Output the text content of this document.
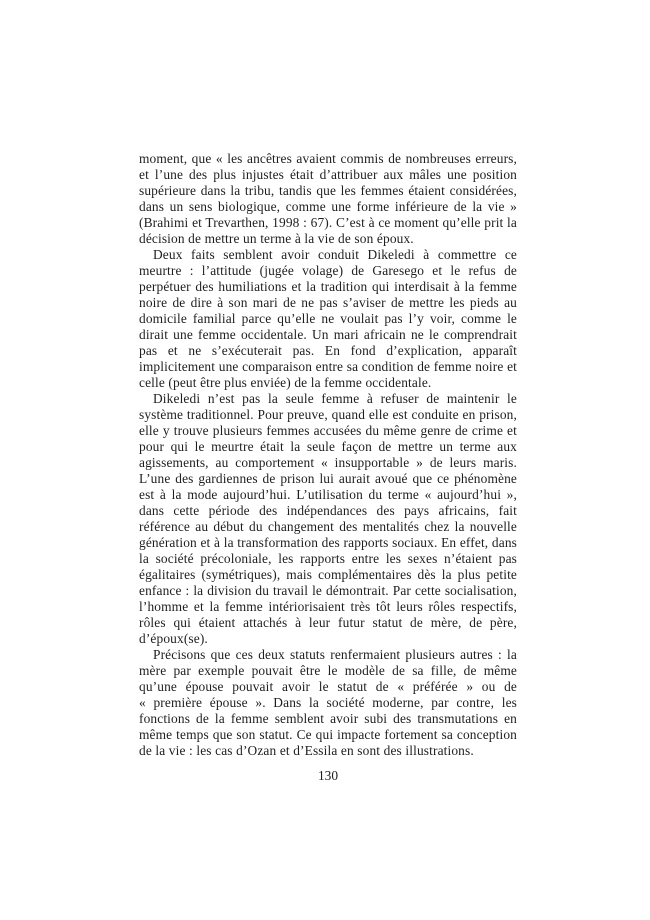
moment, que « les ancêtres avaient commis de nombreuses erreurs, et l’une des plus injustes était d’attribuer aux mâles une position supérieure dans la tribu, tandis que les femmes étaient considérées, dans un sens biologique, comme une forme inférieure de la vie » (Brahimi et Trevarthen, 1998 : 67). C’est à ce moment qu’elle prit la décision de mettre un terme à la vie de son époux.

Deux faits semblent avoir conduit Dikeledi à commettre ce meurtre : l’attitude (jugée volage) de Garesego et le refus de perpétuer des humiliations et la tradition qui interdisait à la femme noire de dire à son mari de ne pas s’aviser de mettre les pieds au domicile familial parce qu’elle ne voulait pas l’y voir, comme le dirait une femme occidentale. Un mari africain ne le comprendrait pas et ne s’exécuterait pas. En fond d’explication, apparaît implicitement une comparaison entre sa condition de femme noire et celle (peut être plus enviée) de la femme occidentale.

Dikeledi n’est pas la seule femme à refuser de maintenir le système traditionnel. Pour preuve, quand elle est conduite en prison, elle y trouve plusieurs femmes accusées du même genre de crime et pour qui le meurtre était la seule façon de mettre un terme aux agissements, au comportement « insupportable » de leurs maris. L’une des gardiennes de prison lui aurait avoué que ce phénomène est à la mode aujourd’hui. L’utilisation du terme « aujourd’hui », dans cette période des indépendances des pays africains, fait référence au début du changement des mentalités chez la nouvelle génération et à la transformation des rapports sociaux. En effet, dans la société précoloniale, les rapports entre les sexes n’étaient pas égalitaires (symétriques), mais complémentaires dès la plus petite enfance : la division du travail le démontrait. Par cette socialisation, l’homme et la femme intériorisaient très tôt leurs rôles respectifs, rôles qui étaient attachés à leur futur statut de mère, de père, d’époux(se).

Précisons que ces deux statuts renfermaient plusieurs autres : la mère par exemple pouvait être le modèle de sa fille, de même qu’une épouse pouvait avoir le statut de « préférée » ou de « première épouse ». Dans la société moderne, par contre, les fonctions de la femme semblent avoir subi des transmutations en même temps que son statut. Ce qui impacte fortement sa conception de la vie : les cas d’Ozan et d’Essila en sont des illustrations.

130
